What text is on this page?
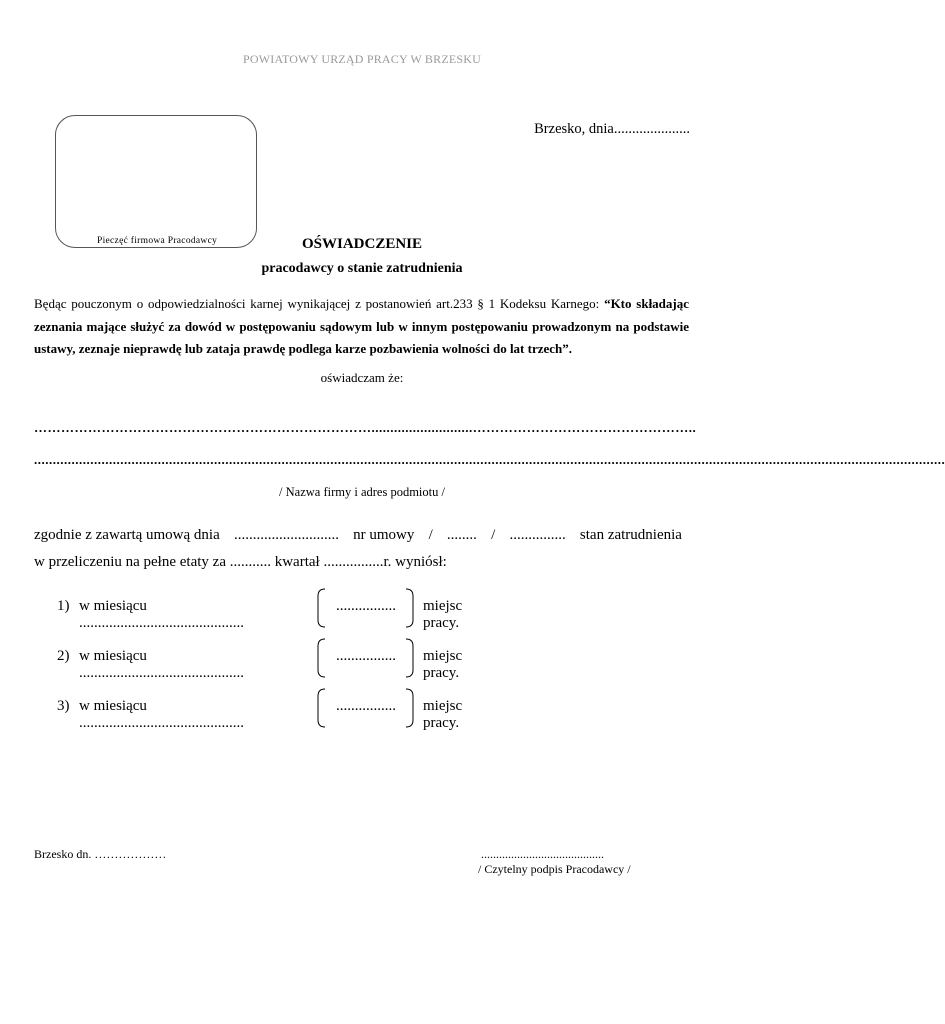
POWIATOWY URZĄD PRACY W BRZESKU
Pieczęć firmowa Pracodawcy
Brzesko, dnia.....................
OŚWIADCZENIE
pracodawcy o stanie zatrudnienia
Będąc pouczonym o odpowiedzialności karnej wynikającej z postanowień art.233 § 1 Kodeksu Karnego: “Kto składając zeznania mające służyć za dowód w postępowaniu sądowym lub w innym postępowaniu prowadzonym na podstawie ustawy, zeznaje nieprawdę lub zataja prawdę podlega karze pozbawienia wolności do lat trzech”.
oświadczam że:
…………………………………………………………………...........................…………………………………………..
...................................................................................................................................................................................................................................................
/ Nazwa firmy i adres podmiotu /
zgodnie z zawartą umową dnia ............................ nr umowy / ........ / ............... stan zatrudnienia
w przeliczeniu na pełne etaty za ........... kwartał ................r. wyniósł:
1) w miesiącu ............................................
................ miejsc pracy.
2) w miesiącu ............................................
................ miejsc pracy.
3) w miesiącu ............................................
................ miejsc pracy.
Brzesko dn. ………………	.........................................
/ Czytelny podpis Pracodawcy /
